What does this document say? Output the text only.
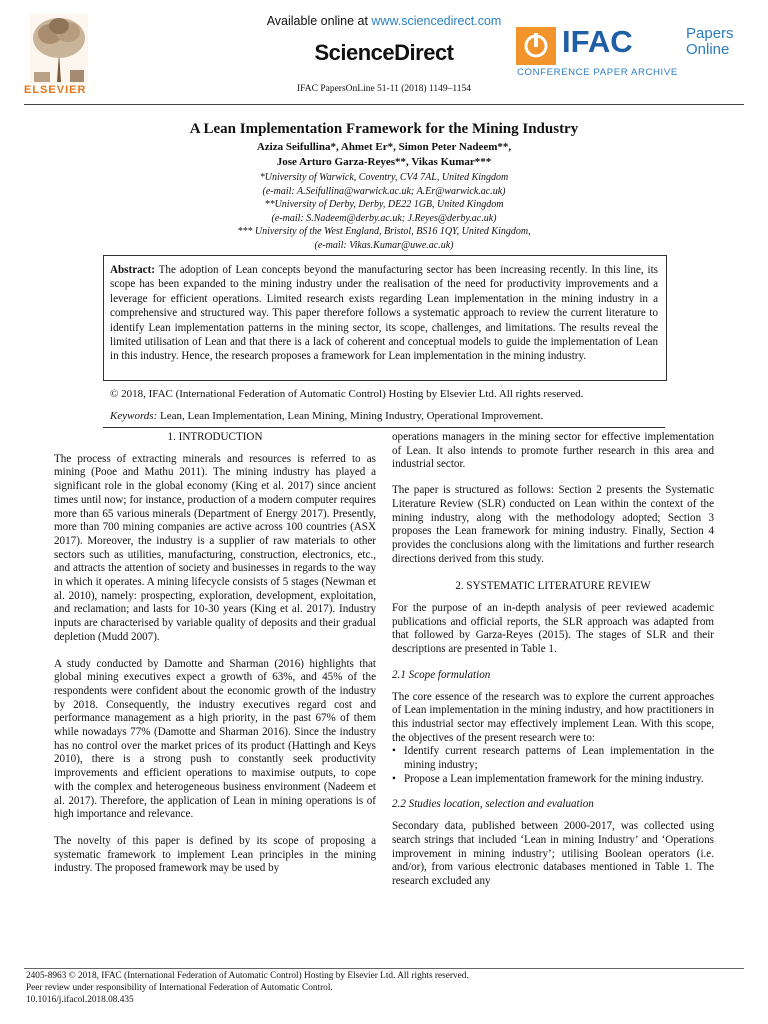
ELSEVIER
Available online at www.sciencedirect.com
ScienceDirect
IFAC PapersOnLine 51-11 (2018) 1149–1154
IFAC	Papers
Online
CONFERENCE PAPER ARCHIVE
A Lean Implementation Framework for the Mining Industry
Aziza Seifullina*, Ahmet Er*, Simon Peter Nadeem**,
Jose Arturo Garza-Reyes**, Vikas Kumar***
*University of Warwick, Coventry, CV4 7AL, United Kingdom
(e-mail: A.Seifullina@warwick.ac.uk; A.Er@warwick.ac.uk)
**University of Derby, Derby, DE22 1GB, United Kingdom
(e-mail: S.Nadeem@derby.ac.uk; J.Reyes@derby.ac.uk)
*** University of the West England, Bristol, BS16 1QY, United Kingdom,
(e-mail: Vikas.Kumar@uwe.ac.uk)
Abstract: The adoption of Lean concepts beyond the manufacturing sector has been increasing recently. In this line, its scope has been expanded to the mining industry under the realisation of the need for productivity improvements and a leverage for efficient operations. Limited research exists regarding Lean implementation in the mining industry in a comprehensive and structured way. This paper therefore follows a systematic approach to review the current literature to identify Lean implementation patterns in the mining sector, its scope, challenges, and limitations. The results reveal the limited utilisation of Lean and that there is a lack of coherent and conceptual models to guide the implementation of Lean in this industry. Hence, the research proposes a framework for Lean implementation in the mining industry.
© 2018, IFAC (International Federation of Automatic Control) Hosting by Elsevier Ltd. All rights reserved.
Keywords: Lean, Lean Implementation, Lean Mining, Mining Industry, Operational Improvement.
1. INTRODUCTION

The process of extracting minerals and resources is referred to as mining (Pooe and Mathu 2011). The mining industry has played a significant role in the global economy (King et al. 2017) since ancient times until now; for instance, production of a modern computer requires more than 65 various minerals (Department of Energy 2017). Presently, more than 700 mining companies are active across 100 countries (ASX 2017). Moreover, the industry is a supplier of raw materials to other sectors such as utilities, manufacturing, construction, electronics, etc., and attracts the attention of society and businesses in regards to the way in which it operates. A mining lifecycle consists of 5 stages (Newman et al. 2010), namely: prospecting, exploration, development, exploitation, and reclamation; and lasts for 10-30 years (King et al. 2017). Industry inputs are characterised by variable quality of deposits and their gradual depletion (Mudd 2007).

A study conducted by Damotte and Sharman (2016) highlights that global mining executives expect a growth of 63%, and 45% of the respondents were confident about the economic growth of the industry by 2018. Consequently, the industry executives regard cost and performance management as a high priority, in the past 67% of them while nowadays 77% (Damotte and Sharman 2016). Since the industry has no control over the market prices of its product (Hattingh and Keys 2010), there is a strong push to constantly seek productivity improvements and efficient operations to maximise outputs, to cope with the complex and heterogeneous business environment (Nadeem et al. 2017). Therefore, the application of Lean in mining operations is of high importance and relevance.

The novelty of this paper is defined by its scope of proposing a systematic framework to implement Lean principles in the mining industry. The proposed framework may be used by

operations managers in the mining sector for effective implementation of Lean. It also intends to promote further research in this area and industrial sector.

The paper is structured as follows: Section 2 presents the Systematic Literature Review (SLR) conducted on Lean within the context of the mining industry, along with the methodology adopted; Section 3 proposes the Lean framework for mining industry. Finally, Section 4 provides the conclusions along with the limitations and further research directions derived from this study.

2. SYSTEMATIC LITERATURE REVIEW

For the purpose of an in-depth analysis of peer reviewed academic publications and official reports, the SLR approach was adapted from that followed by Garza-Reyes (2015). The stages of SLR and their descriptions are presented in Table 1.

2.1 Scope formulation

The core essence of the research was to explore the current approaches of Lean implementation in the mining industry, and how practitioners in this industrial sector may effectively implement Lean. With this scope, the objectives of the present research were to:

• Identify current research patterns of Lean implementation in the mining industry;
• Propose a Lean implementation framework for the mining industry.
2.2 Studies location, selection and evaluation

Secondary data, published between 2000-2017, was collected using search strings that included ‘Lean in mining Industry’ and ‘Operations improvement in mining industry’; utilising Boolean operators (i.e. and/or), from various electronic databases mentioned in Table 1. The research excluded any

2405-8963 © 2018, IFAC (International Federation of Automatic Control) Hosting by Elsevier Ltd. All rights reserved.
Peer review under responsibility of International Federation of Automatic Control.
10.1016/j.ifacol.2018.08.435
